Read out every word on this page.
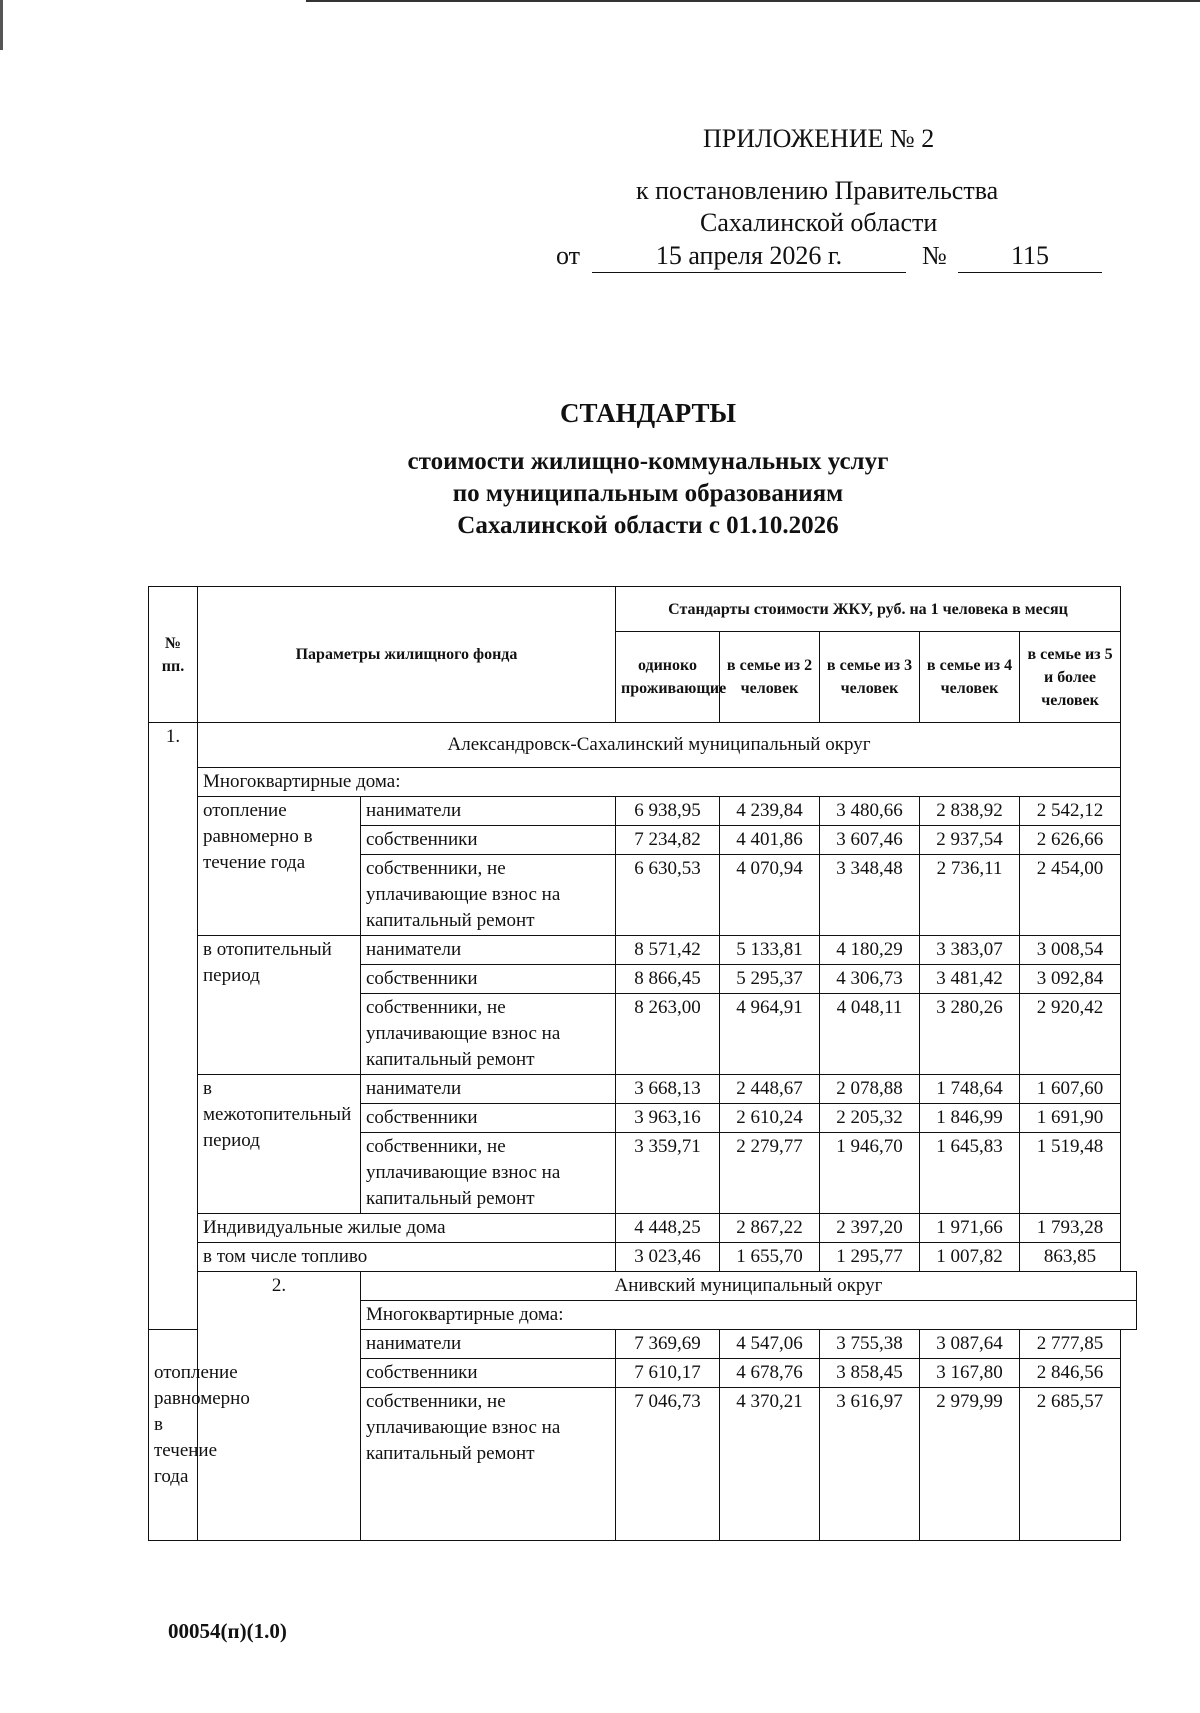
ПРИЛОЖЕНИЕ № 2
к постановлению Правительства
Сахалинской области
от	15 апреля 2026 г.	№	115
СТАНДАРТЫ
стоимости жилищно-коммунальных услуг
по муниципальным образованиям
Сахалинской области с 01.10.2026
№ пп.	Параметры жилищного фонда		Стандарты стоимости ЖКУ, руб. на 1 человека в месяц				
			одиноко проживающие	в семье из 2 человек	в семье из 3 человек	в семье из 4 человек	в семье из 5 и более человек
1.	Александровск-Сахалинский муниципальный округ						
	Многоквартирные дома:						
	отопление равномерно в течение года	наниматели	6 938,95	4 239,84	3 480,66	2 838,92	2 542,12
		собственники	7 234,82	4 401,86	3 607,46	2 937,54	2 626,66
		собственники, не уплачивающие взнос на капитальный ремонт	6 630,53	4 070,94	3 348,48	2 736,11	2 454,00
	в отопительный период	наниматели	8 571,42	5 133,81	4 180,29	3 383,07	3 008,54
		собственники	8 866,45	5 295,37	4 306,73	3 481,42	3 092,84
		собственники, не уплачивающие взнос на капитальный ремонт	8 263,00	4 964,91	4 048,11	3 280,26	2 920,42
	в межотопительный период	наниматели	3 668,13	2 448,67	2 078,88	1 748,64	1 607,60
		собственники	3 963,16	2 610,24	2 205,32	1 846,99	1 691,90
		собственники, не уплачивающие взнос на капитальный ремонт	3 359,71	2 279,77	1 946,70	1 645,83	1 519,48
	Индивидуальные жилые дома		4 448,25	2 867,22	2 397,20	1 971,66	1 793,28
	в том числе топливо		3 023,46	1 655,70	1 295,77	1 007,82	863,85
	2.	Анивский муниципальный округ					
		Многоквартирные дома:					
отопление равномерно в течение года		наниматели	7 369,69	4 547,06	3 755,38	3 087,64	2 777,85
		собственники	7 610,17	4 678,76	3 858,45	3 167,80	2 846,56
		собственники, не уплачивающие взнос на капитальный ремонт	7 046,73	4 370,21	3 616,97	2 979,99	2 685,57
00054(п)(1.0)
